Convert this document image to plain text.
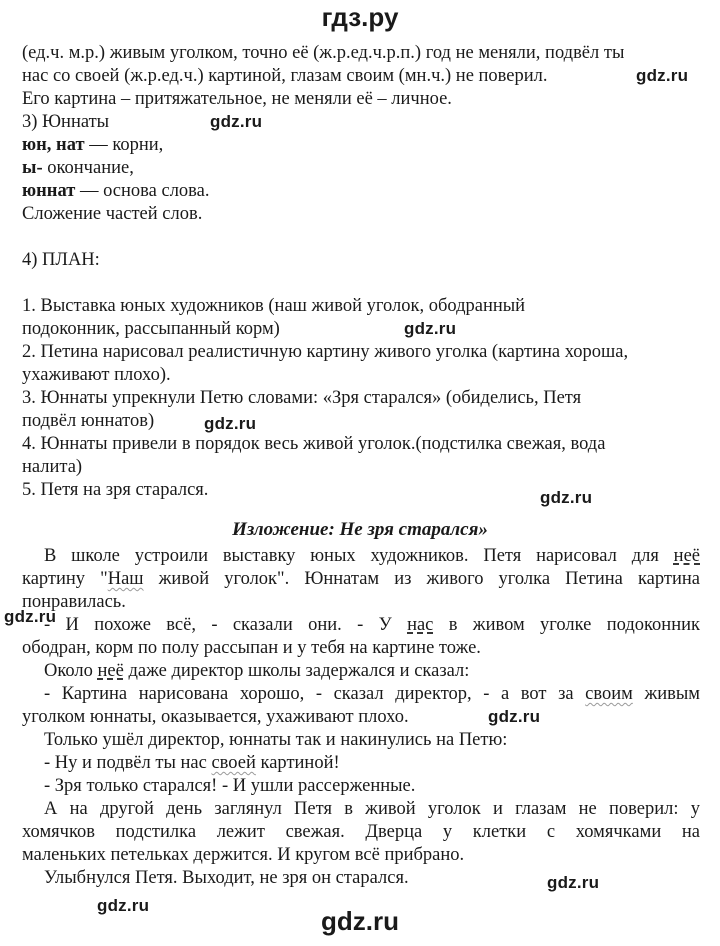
гдз.ру
(ед.ч. м.р.) живым уголком, точно её (ж.р.ед.ч.р.п.) год не меняли, подвёл ты
нас со своей (ж.р.ед.ч.) картиной, глазам своим (мн.ч.) не поверил.
Его картина – притяжательное, не меняли её – личное.
3) Юннаты
юн, нат — корни,
ы- окончание,
юннат — основа слова.
Сложение частей слов.
4) ПЛАН:
1. Выставка юных художников (наш живой уголок, ободранный
подоконник, рассыпанный корм)
2. Петина нарисовал реалистичную картину живого уголка (картина хороша,
ухаживают плохо).
3. Юннаты упрекнули Петю словами: «Зря старался» (обиделись, Петя
подвёл юннатов)
4. Юннаты привели в порядок весь живой уголок.(подстилка свежая, вода
налита)
5. Петя на зря старался.
Изложение: Не зря старался»
В школе устроили выставку юных художников. Петя нарисовал для неё
картину "Наш живой уголок". Юннатам из живого уголка Петина картина
понравилась.
- И похоже всё, - сказали они. - У нас в живом уголке подоконник
ободран, корм по полу рассыпан и у тебя на картине тоже.
Около неё даже директор школы задержался и сказал:
- Картина нарисована хорошо, - сказал директор, - а вот за своим живым
уголком юннаты, оказывается, ухаживают плохо.
Только ушёл директор, юннаты так и накинулись на Петю:
- Ну и подвёл ты нас своей картиной!
- Зря только старался! - И ушли рассерженные.
А на другой день заглянул Петя в живой уголок и глазам не поверил: у
хомячков подстилка лежит свежая. Дверца у клетки с хомячками на
маленьких петельках держится. И кругом всё прибрано.
Улыбнулся Петя. Выходит, не зря он старался.
gdz.ru
gdz.ru
gdz.ru
gdz.ru
gdz.ru
gdz.ru
gdz.ru
gdz.ru
gdz.ru
gdz.ru
